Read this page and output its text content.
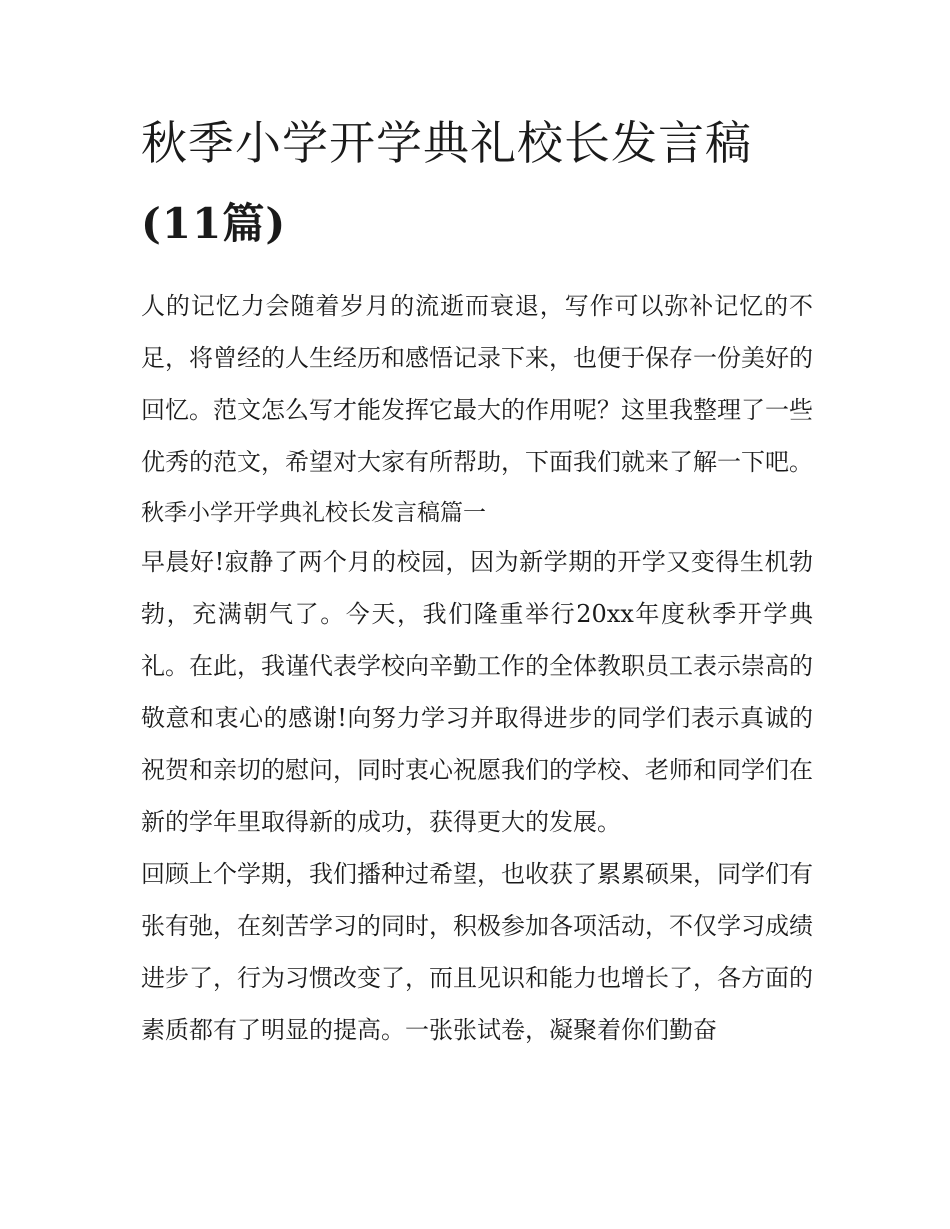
秋季小学开学典礼校长发言稿
(11篇)

人的记忆力会随着岁月的流逝而衰退，写作可以弥补记忆的不足，将曾经的人生经历和感悟记录下来，也便于保存一份美好的回忆。范文怎么写才能发挥它最大的作用呢？这里我整理了一些优秀的范文，希望对大家有所帮助，下面我们就来了解一下吧。

秋季小学开学典礼校长发言稿篇一

早晨好!寂静了两个月的校园，因为新学期的开学又变得生机勃勃，充满朝气了。今天，我们隆重举行20xx年度秋季开学典礼。在此，我谨代表学校向辛勤工作的全体教职员工表示崇高的敬意和衷心的感谢!向努力学习并取得进步的同学们表示真诚的祝贺和亲切的慰问，同时衷心祝愿我们的学校、老师和同学们在新的学年里取得新的成功，获得更大的发展。

回顾上个学期，我们播种过希望，也收获了累累硕果，同学们有张有弛，在刻苦学习的同时，积极参加各项活动，不仅学习成绩进步了，行为习惯改变了，而且见识和能力也增长了，各方面的素质都有了明显的提高。一张张试卷，凝聚着你们勤奋
